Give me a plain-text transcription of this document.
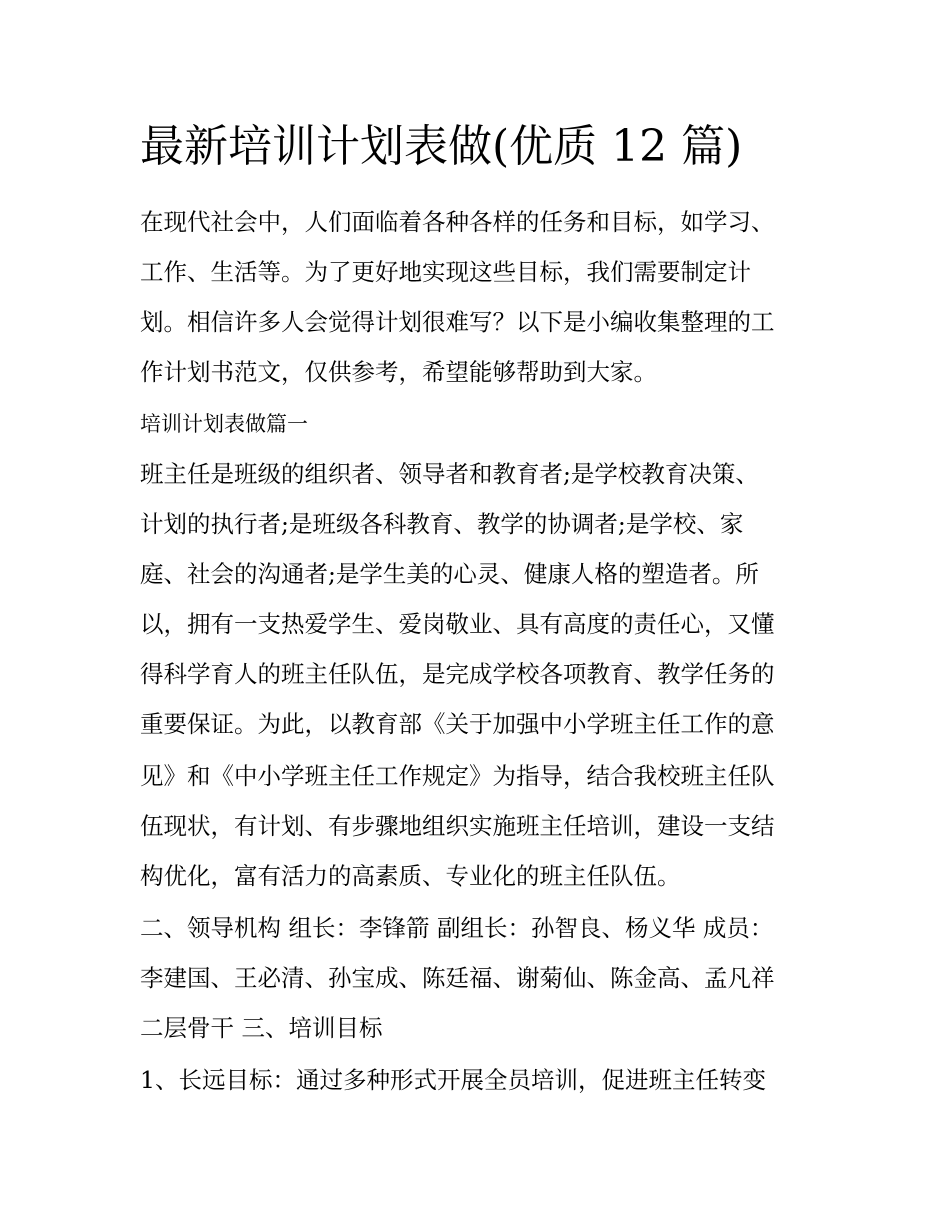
最新培训计划表做(优质 12 篇)
在现代社会中，人们面临着各种各样的任务和目标，如学习、
工作、生活等。为了更好地实现这些目标，我们需要制定计
划。相信许多人会觉得计划很难写？以下是小编收集整理的工
作计划书范文，仅供参考，希望能够帮助到大家。
培训计划表做篇一
班主任是班级的组织者、领导者和教育者;是学校教育决策、
计划的执行者;是班级各科教育、教学的协调者;是学校、家
庭、社会的沟通者;是学生美的心灵、健康人格的塑造者。所
以，拥有一支热爱学生、爱岗敬业、具有高度的责任心，又懂
得科学育人的班主任队伍，是完成学校各项教育、教学任务的
重要保证。为此，以教育部《关于加强中小学班主任工作的意
见》和《中小学班主任工作规定》为指导，结合我校班主任队
伍现状，有计划、有步骤地组织实施班主任培训，建设一支结
构优化，富有活力的高素质、专业化的班主任队伍。
二、领导机构 组长：李锋箭 副组长：孙智良、杨义华 成员：
李建国、王必清、孙宝成、陈廷福、谢菊仙、陈金高、孟凡祥
二层骨干 三、培训目标
1、长远目标：通过多种形式开展全员培训，促进班主任转变
